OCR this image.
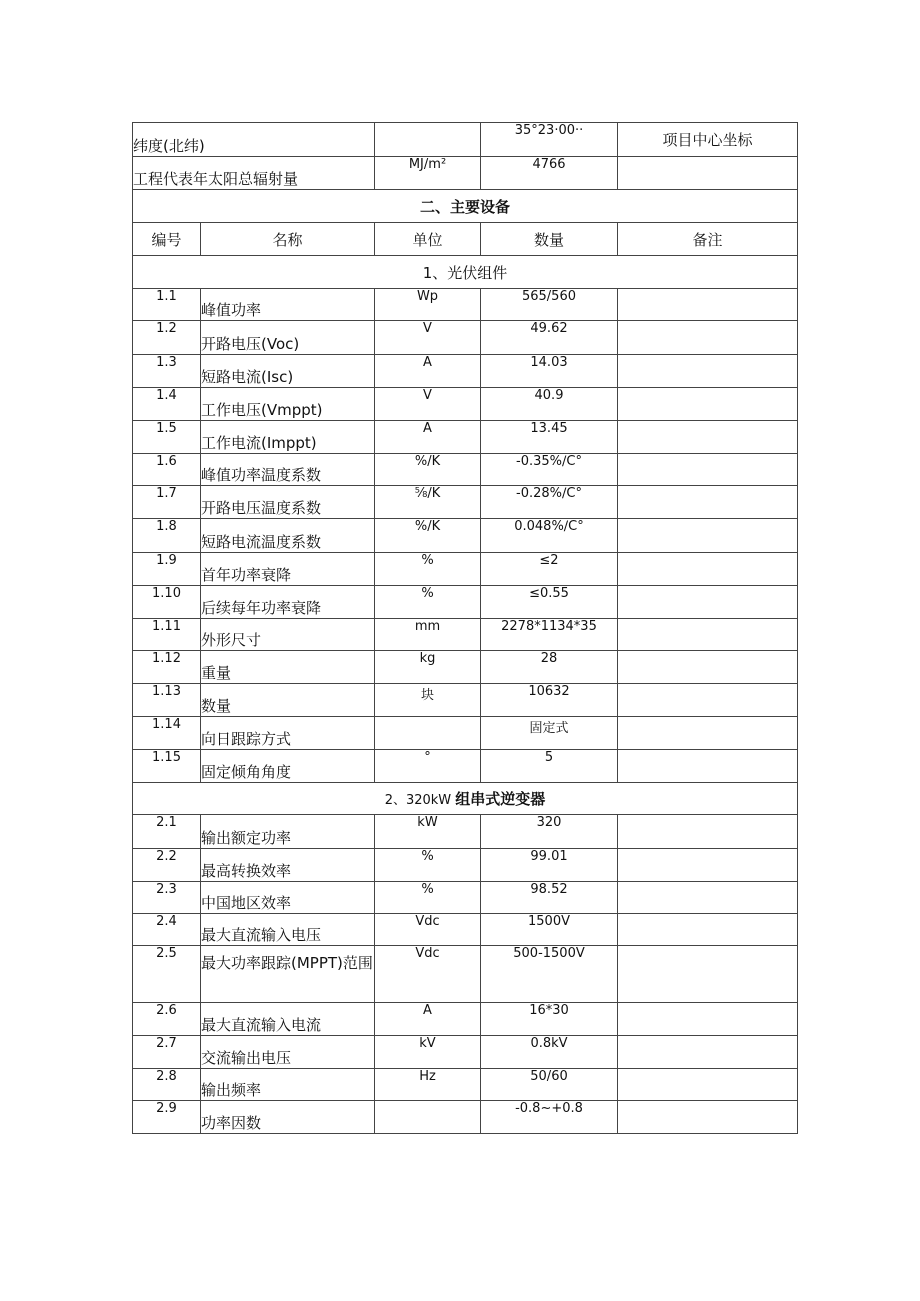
纬度(北纬)			35°23·00··	项目中心坐标
工程代表年太阳总辐射量		MJ/m²	4766	
二、主要设备				
编号	名称	单位	数量	备注
1、光伏组件				
1.1	峰值功率	Wp	565/560	
1.2	开路电压(Voc)	V	49.62	
1.3	短路电流(Isc)	A	14.03	
1.4	工作电压(Vmppt)	V	40.9	
1.5	工作电流(Imppt)	A	13.45	
1.6	峰值功率温度系数	%/K	-0.35%∕C°	
1.7	开路电压温度系数	⅝/K	-0.28%∕C°	
1.8	短路电流温度系数	%/K	0.048%∕C°	
1.9	首年功率衰降	%	≤2	
1.10	后续每年功率衰降	%	≤0.55	
1.11	外形尺寸	mm	2278*1134*35	
1.12	重量	kg	28	
1.13	数量	块	10632	
1.14	向日跟踪方式		固定式	
1.15	固定倾角角度	°	5	
2、320kW 组串式逆变器				
2.1	输出额定功率	kW	320	
2.2	最高转换效率	%	99.01	
2.3	中国地区效率	%	98.52	
2.4	最大直流输入电压	Vdc	1500V	
2.5	最大功率跟踪(MPPT)范围	Vdc	500-1500V	
2.6	最大直流输入电流	A	16*30	
2.7	交流输出电压	kV	0.8kV	
2.8	输出频率	Hz	50/60	
2.9	功率因数		-0.8~+0.8	
